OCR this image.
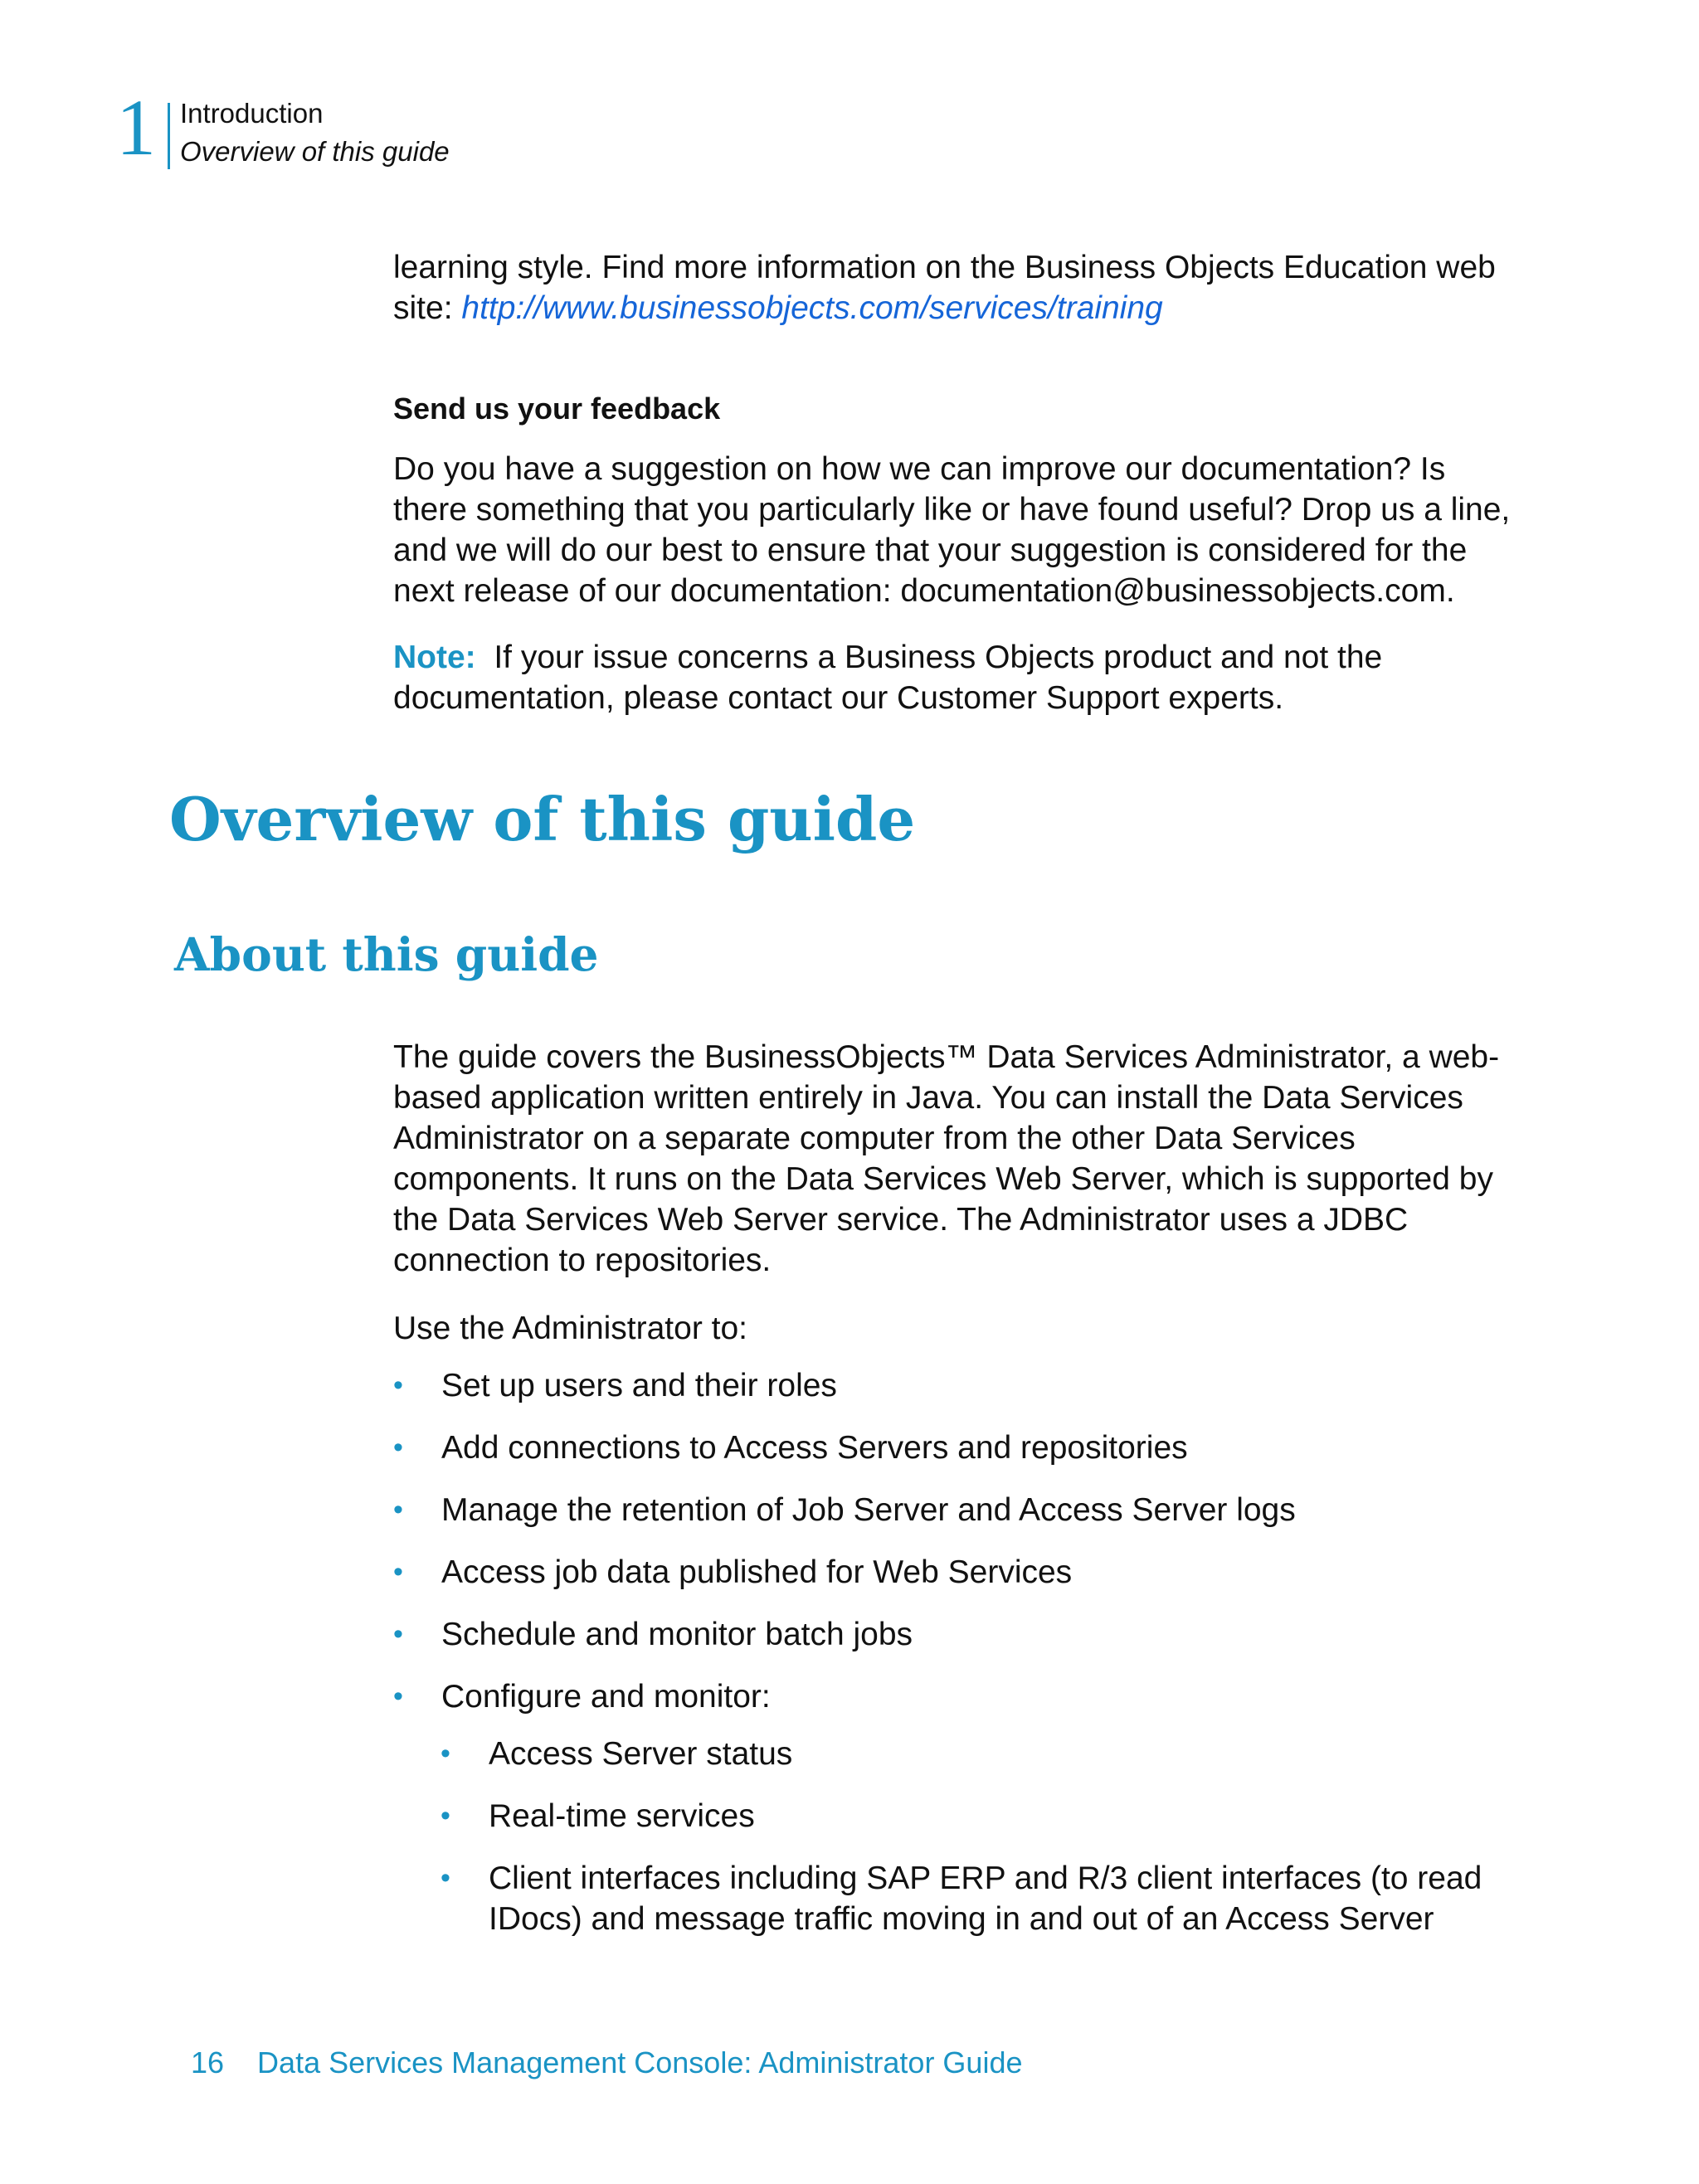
1 Introduction
Overview of this guide

learning style. Find more information on the Business Objects Education web site: http://www.businessobjects.com/services/training

Send us your feedback

Do you have a suggestion on how we can improve our documentation? Is there something that you particularly like or have found useful? Drop us a line, and we will do our best to ensure that your suggestion is considered for the next release of our documentation: documentation@businessobjects.com.

Note: If your issue concerns a Business Objects product and not the documentation, please contact our Customer Support experts.

Overview of this guide
About this guide

The guide covers the BusinessObjects™ Data Services Administrator, a web-based application written entirely in Java. You can install the Data Services Administrator on a separate computer from the other Data Services components. It runs on the Data Services Web Server, which is supported by the Data Services Web Server service. The Administrator uses a JDBC connection to repositories.

Use the Administrator to:

• Set up users and their roles
• Add connections to Access Servers and repositories
• Manage the retention of Job Server and Access Server logs
• Access job data published for Web Services
• Schedule and monitor batch jobs
• Configure and monitor:
• Access Server status
• Real-time services
• Client interfaces including SAP ERP and R/3 client interfaces (to read IDocs) and message traffic moving in and out of an Access Server
16 Data Services Management Console: Administrator Guide
